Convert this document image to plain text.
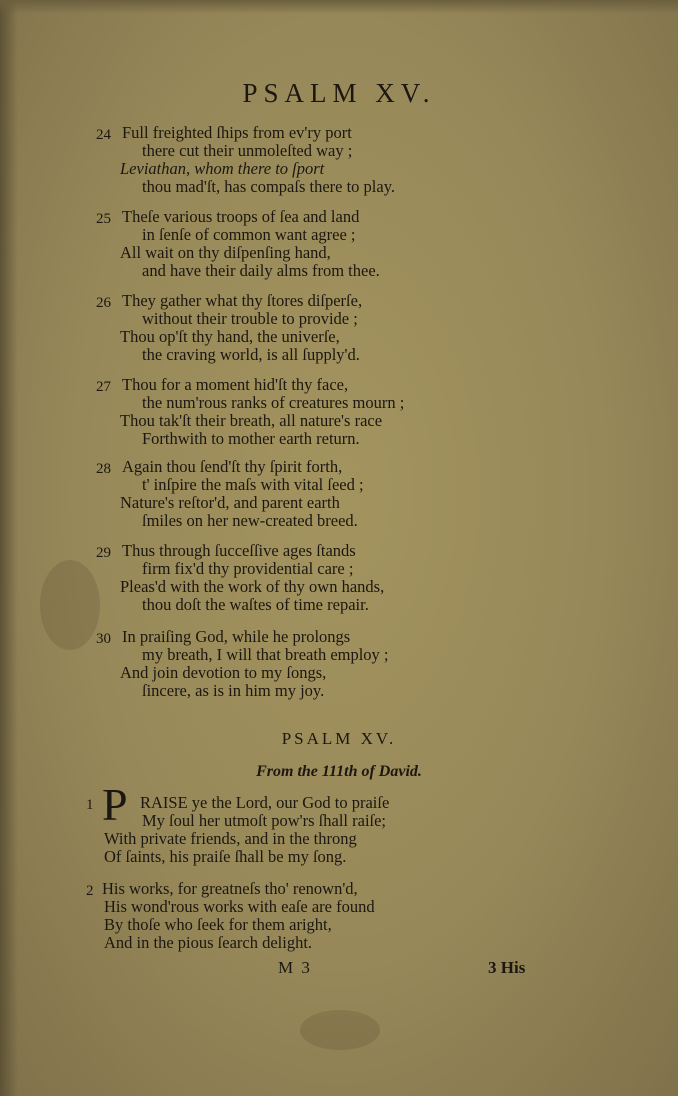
PSALM XV.
24 Full freighted ſhips from ev'ry port
there cut their unmoleſted way ;
Leviathan, whom there to ſport
thou mad'ſt, has compaſs there to play.
25 Theſe various troops of ſea and land
in ſenſe of common want agree ;
All wait on thy diſpenſing hand,
and have their daily alms from thee.
26 They gather what thy ſtores diſperſe,
without their trouble to provide ;
Thou op'ſt thy hand, the univerſe,
the craving world, is all ſupply'd.
27 Thou for a moment hid'ſt thy face,
the num'rous ranks of creatures mourn ;
Thou tak'ſt their breath, all nature's race
Forthwith to mother earth return.
28 Again thou ſend'ſt thy ſpirit forth,
t' inſpire the maſs with vital ſeed ;
Nature's reſtor'd, and parent earth
ſmiles on her new-created breed.
29 Thus through ſucceſſive ages ſtands
firm fix'd thy providential care ;
Pleas'd with the work of thy own hands,
thou doſt the waſtes of time repair.
30 In praiſing God, while he prolongs
my breath, I will that breath employ ;
And join devotion to my ſongs,
ſincere, as is in him my joy.
PSALM XV.
From the 111th of David.
1 P RAISE ye the Lord, our God to praiſe
My ſoul her utmoſt pow'rs ſhall raiſe;
With private friends, and in the throng
Of ſaints, his praiſe ſhall be my ſong.
2 His works, for greatneſs tho' renown'd,
His wond'rous works with eaſe are found
By thoſe who ſeek for them aright,
And in the pious ſearch delight.
M 3	3 His
